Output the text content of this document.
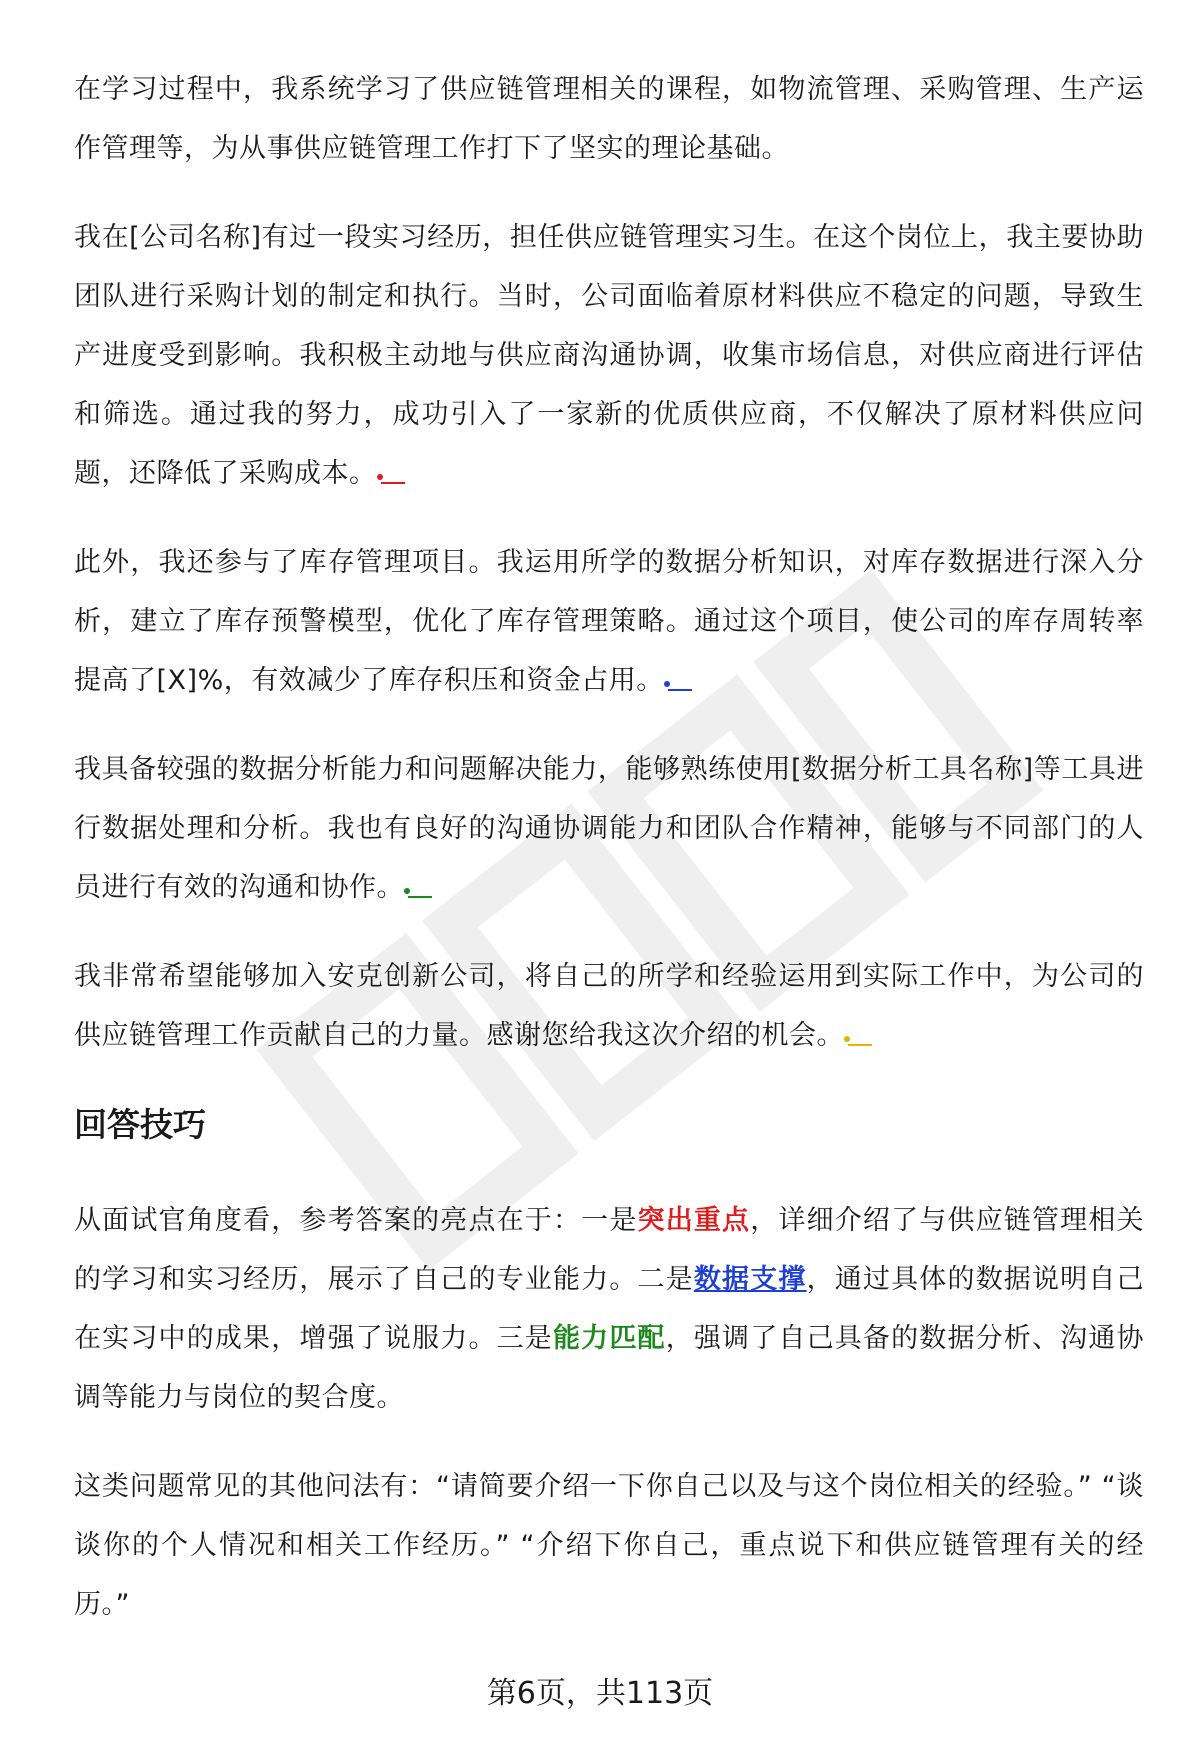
在学习过程中，我系统学习了供应链管理相关的课程，如物流管理、采购管理、生产运作管理等，为从事供应链管理工作打下了坚实的理论基础。

我在[公司名称]有过一段实习经历，担任供应链管理实习生。在这个岗位上，我主要协助团队进行采购计划的制定和执行。当时，公司面临着原材料供应不稳定的问题，导致生产进度受到影响。我积极主动地与供应商沟通协调，收集市场信息，对供应商进行评估和筛选。通过我的努力，成功引入了一家新的优质供应商，不仅解决了原材料供应问题，还降低了采购成本。

此外，我还参与了库存管理项目。我运用所学的数据分析知识，对库存数据进行深入分析，建立了库存预警模型，优化了库存管理策略。通过这个项目，使公司的库存周转率提高了[X]%，有效减少了库存积压和资金占用。

我具备较强的数据分析能力和问题解决能力，能够熟练使用[数据分析工具名称]等工具进行数据处理和分析。我也有良好的沟通协调能力和团队合作精神，能够与不同部门的人员进行有效的沟通和协作。

我非常希望能够加入安克创新公司，将自己的所学和经验运用到实际工作中，为公司的供应链管理工作贡献自己的力量。感谢您给我这次介绍的机会。

回答技巧

从面试官角度看，参考答案的亮点在于：一是突出重点，详细介绍了与供应链管理相关的学习和实习经历，展示了自己的专业能力。二是数据支撑，通过具体的数据说明自己在实习中的成果，增强了说服力。三是能力匹配，强调了自己具备的数据分析、沟通协调等能力与岗位的契合度。

这类问题常见的其他问法有：“请简要介绍一下你自己以及与这个岗位相关的经验。” “谈谈你的个人情况和相关工作经历。” “介绍下你自己，重点说下和供应链管理有关的经历。”

第6页，共113页
